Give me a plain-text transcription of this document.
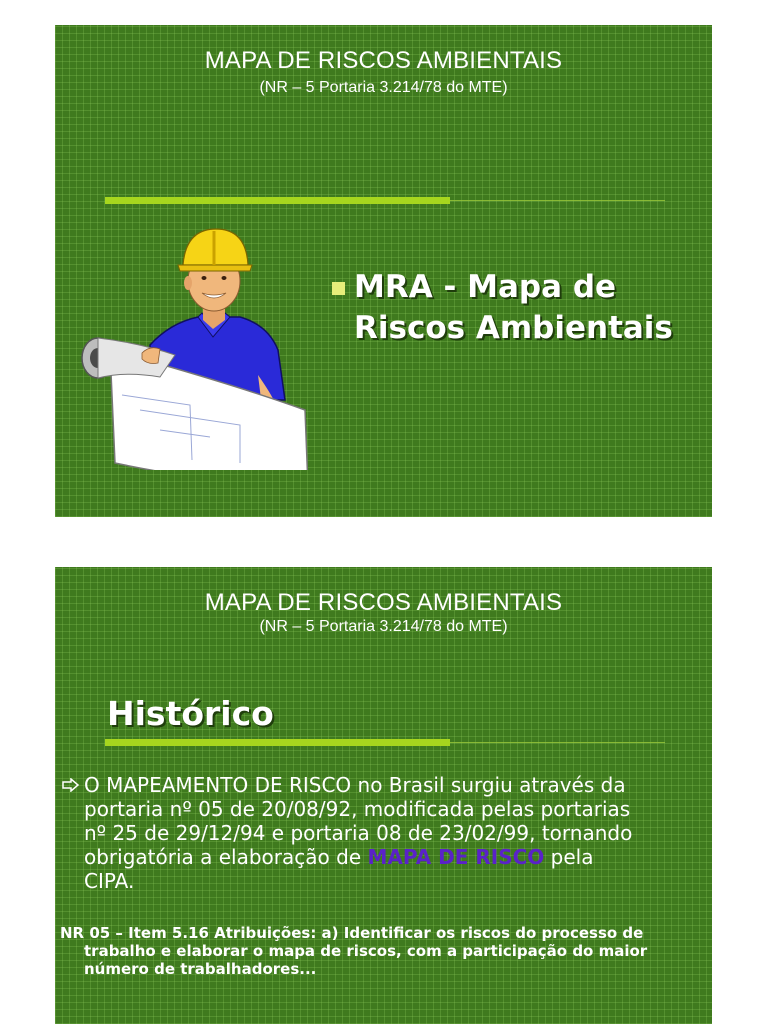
MAPA DE RISCOS AMBIENTAIS
(NR – 5 Portaria 3.214/78 do MTE)
MRA - Mapa de
Riscos Ambientais
MAPA DE RISCOS AMBIENTAIS
(NR – 5 Portaria 3.214/78 do MTE)
Histórico
O MAPEAMENTO DE RISCO no Brasil surgiu através da
portaria nº 05 de 20/08/92, modificada pelas portarias
nº 25 de 29/12/94 e portaria 08 de 23/02/99, tornando
obrigatória a elaboração de MAPA DE RISCO pela
CIPA.
NR 05 – Item 5.16 Atribuições: a) Identificar os riscos do processo de
trabalho e elaborar o mapa de riscos, com a participação do maior
número de trabalhadores...
